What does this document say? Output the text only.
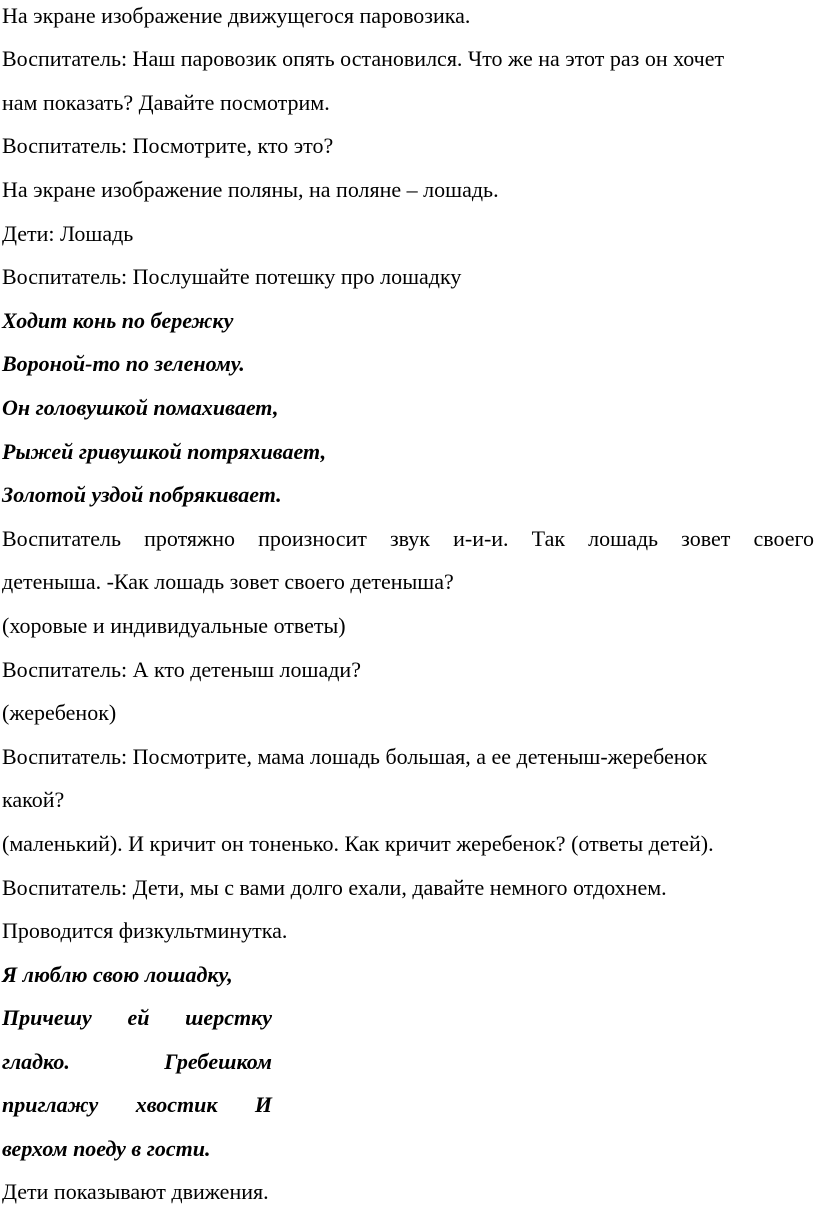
На экране изображение движущегося паровозика.
Воспитатель: Наш паровозик опять остановился. Что же на этот раз он хочет
нам показать? Давайте посмотрим.
Воспитатель: Посмотрите, кто это?
На экране изображение поляны, на поляне – лошадь.
Дети: Лошадь
Воспитатель: Послушайте потешку про лошадку
Ходит конь по бережку
Вороной-то по зеленому.
Он головушкой помахивает,
Рыжей гривушкой потряхивает,
Золотой уздой побрякивает.
Воспитатель протяжно произносит звук и-и-и. Так лошадь зовет своего
детеныша. -Как лошадь зовет своего детеныша?
(хоровые и индивидуальные ответы)
Воспитатель: А кто детеныш лошади?
(жеребенок)
Воспитатель: Посмотрите, мама лошадь большая, а ее детеныш-жеребенок
какой?
(маленький). И кричит он тоненько. Как кричит жеребенок? (ответы детей).
Воспитатель: Дети, мы с вами долго ехали, давайте немного отдохнем.
Проводится физкультминутка.
Я люблю свою лошадку,
Причешу ей шерстку
гладко.	Гребешком
приглажу хвостик И
верхом поеду в гости.
Дети показывают движения.
